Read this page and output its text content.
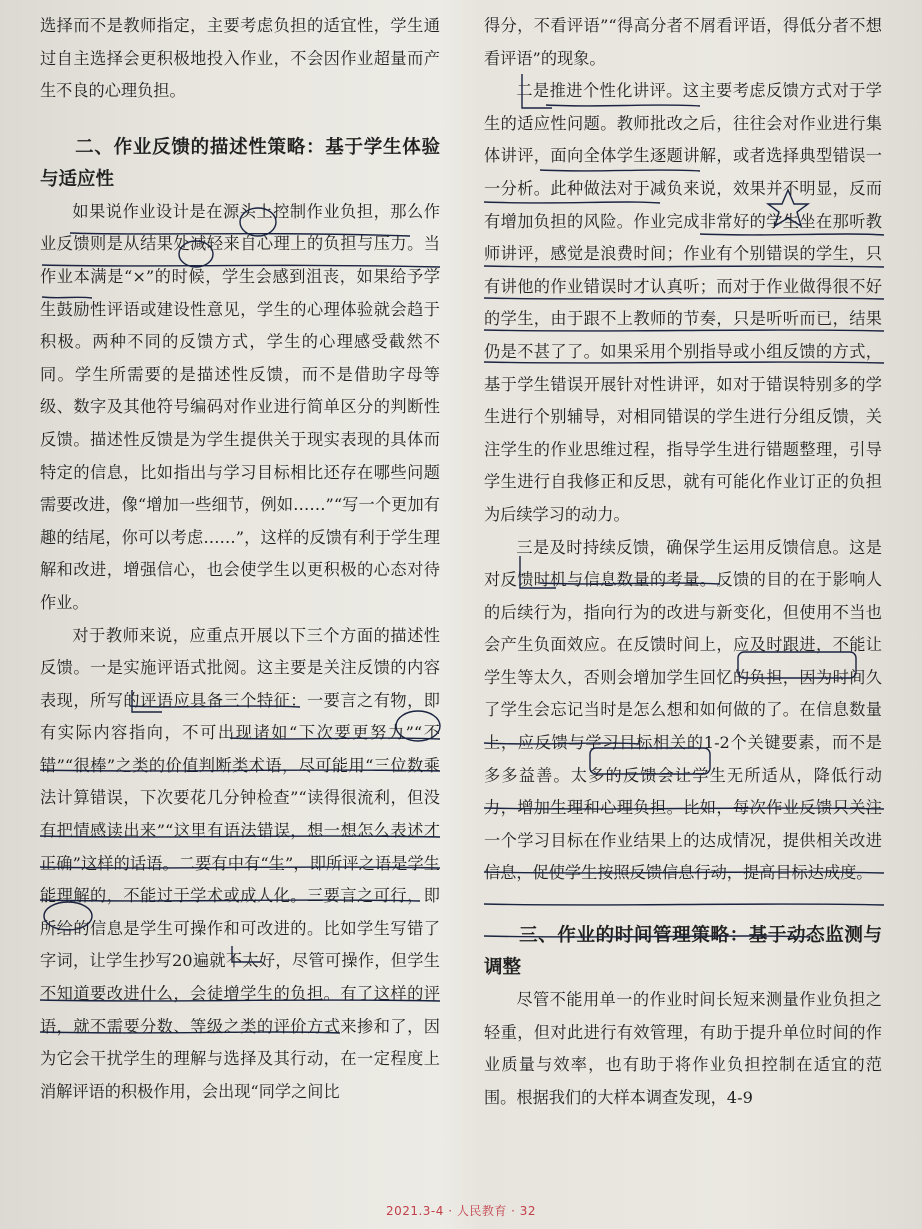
选择而不是教师指定，主要考虑负担的适宜性，学生通过自主选择会更积极地投入作业，不会因作业超量而产生不良的心理负担。

二、作业反馈的描述性策略：基于学生体验与适应性

如果说作业设计是在源头上控制作业负担，那么作业反馈则是从结果处减轻来自心理上的负担与压力。当作业本满是“×”的时候，学生会感到沮丧，如果给予学生鼓励性评语或建设性意见，学生的心理体验就会趋于积极。两种不同的反馈方式，学生的心理感受截然不同。学生所需要的是描述性反馈，而不是借助字母等级、数字及其他符号编码对作业进行简单区分的判断性反馈。描述性反馈是为学生提供关于现实表现的具体而特定的信息，比如指出与学习目标相比还存在哪些问题需要改进，像“增加一些细节，例如……”“写一个更加有趣的结尾，你可以考虑……”，这样的反馈有利于学生理解和改进，增强信心，也会使学生以更积极的心态对待作业。

对于教师来说，应重点开展以下三个方面的描述性反馈。一是实施评语式批阅。这主要是关注反馈的内容表现，所写的评语应具备三个特征：一要言之有物，即有实际内容指向，不可出现诸如“下次要更努力”“不错”“很棒”之类的价值判断类术语，尽可能用“三位数乘法计算错误，下次要花几分钟检查”“读得很流利，但没有把情感读出来”“这里有语法错误，想一想怎么表述才正确”这样的话语。二要有中有“生”，即所评之语是学生能理解的，不能过于学术或成人化。三要言之可行，即所给的信息是学生可操作和可改进的。比如学生写错了字词，让学生抄写20遍就不太好，尽管可操作，但学生不知道要改进什么，会徒增学生的负担。有了这样的评语，就不需要分数、等级之类的评价方式来掺和了，因为它会干扰学生的理解与选择及其行动，在一定程度上消解评语的积极作用，会出现“同学之间比

得分，不看评语”“得高分者不屑看评语，得低分者不想看评语”的现象。

二是推进个性化讲评。这主要考虑反馈方式对于学生的适应性问题。教师批改之后，往往会对作业进行集体讲评，面向全体学生逐题讲解，或者选择典型错误一一分析。此种做法对于减负来说，效果并不明显，反而有增加负担的风险。作业完成非常好的学生坐在那听教师讲评，感觉是浪费时间；作业有个别错误的学生，只有讲他的作业错误时才认真听；而对于作业做得很不好的学生，由于跟不上教师的节奏，只是听听而已，结果仍是不甚了了。如果采用个别指导或小组反馈的方式，基于学生错误开展针对性讲评，如对于错误特别多的学生进行个别辅导，对相同错误的学生进行分组反馈，关注学生的作业思维过程，指导学生进行错题整理，引导学生进行自我修正和反思，就有可能化作业订正的负担为后续学习的动力。

三是及时持续反馈，确保学生运用反馈信息。这是对反馈时机与信息数量的考量。反馈的目的在于影响人的后续行为，指向行为的改进与新变化，但使用不当也会产生负面效应。在反馈时间上，应及时跟进，不能让学生等太久，否则会增加学生回忆的负担，因为时间久了学生会忘记当时是怎么想和如何做的了。在信息数量上，应反馈与学习目标相关的1-2个关键要素，而不是多多益善。太多的反馈会让学生无所适从，降低行动力，增加生理和心理负担。比如，每次作业反馈只关注一个学习目标在作业结果上的达成情况，提供相关改进信息，促使学生按照反馈信息行动，提高目标达成度。

三、作业的时间管理策略：基于动态监测与调整

尽管不能用单一的作业时间长短来测量作业负担之轻重，但对此进行有效管理，有助于提升单位时间的作业质量与效率，也有助于将作业负担控制在适宜的范围。根据我们的大样本调查发现，4-9

2021.3-4 · 人民教育 · 32
